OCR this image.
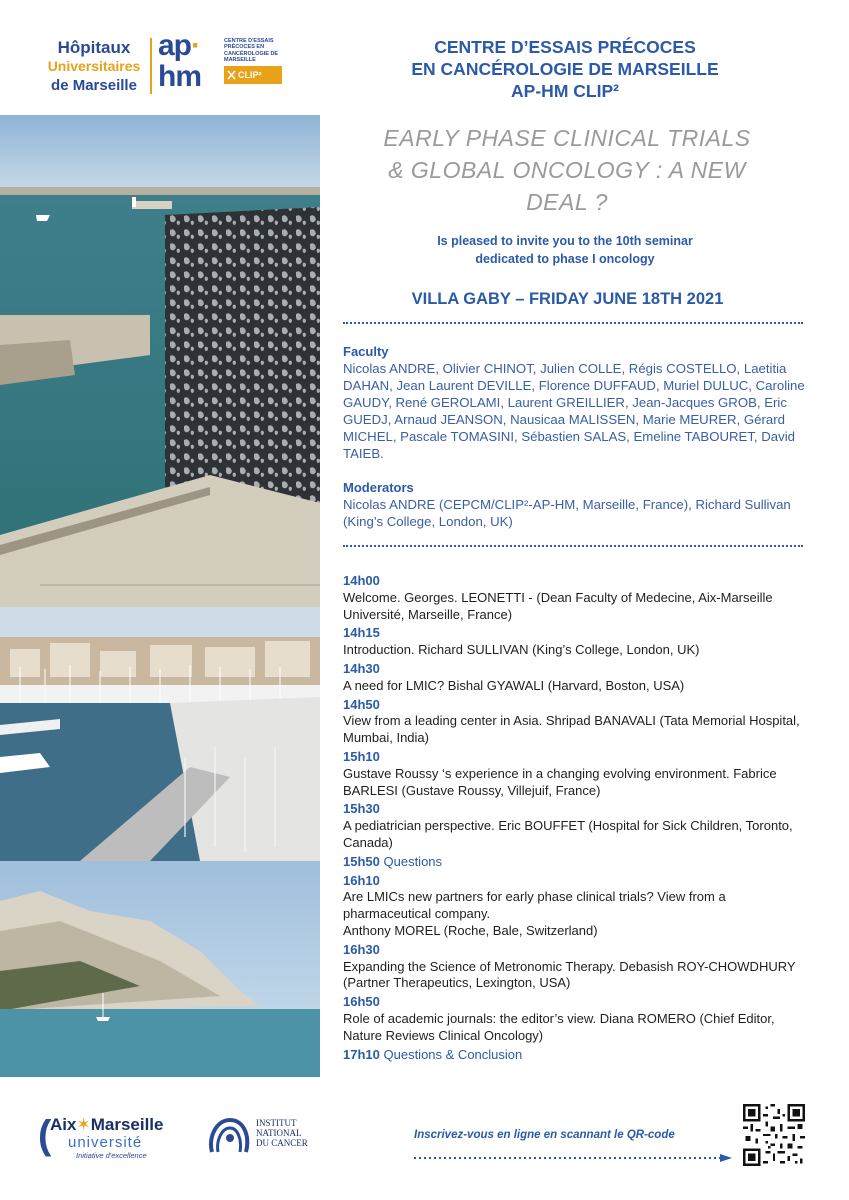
Hôpitaux
Universitaires
de Marseille
ap·
hm
CENTRE D'ESSAIS PRÉCOCES EN CANCÉROLOGIE DE MARSEILLE
CLIP²
CENTRE D’ESSAIS PRÉCOCES
EN CANCÉROLOGIE DE MARSEILLE
AP-HM CLIP²
EARLY PHASE CLINICAL TRIALS
& GLOBAL ONCOLOGY : A NEW
DEAL ?
Is pleased to invite you to the 10th seminar
dedicated to phase I oncology
VILLA GABY – FRIDAY JUNE 18TH 2021
Faculty
Nicolas ANDRE, Olivier CHINOT, Julien COLLE, Régis COSTELLO, Laetitia DAHAN, Jean Laurent DEVILLE, Florence DUFFAUD, Muriel DULUC, Caroline GAUDY, René GEROLAMI, Laurent GREILLIER, Jean-Jacques GROB, Eric GUEDJ, Arnaud JEANSON, Nausicaa MALISSEN, Marie MEURER, Gérard MICHEL, Pascale TOMASINI, Sébastien SALAS, Emeline TABOURET, David TAIEB.
Moderators
Nicolas ANDRE (CEPCM/CLIP²-AP-HM, Marseille, France), Richard Sullivan (King’s College, London, UK)
14h00
Welcome. Georges. LEONETTI - (Dean Faculty of Medecine, Aix-Marseille Université, Marseille, France)
14h15
Introduction. Richard SULLIVAN (King’s College, London, UK)
14h30
A need for LMIC? Bishal GYAWALI (Harvard, Boston, USA)
14h50
View from a leading center in Asia. Shripad BANAVALI (Tata Memorial Hospital, Mumbai, India)
15h10
Gustave Roussy ‘s experience in a changing evolving environment. Fabrice BARLESI (Gustave Roussy, Villejuif, France)
15h30
A pediatrician perspective. Eric BOUFFET (Hospital for Sick Children, Toronto, Canada)
15h50 Questions
16h10
Are LMICs new partners for early phase clinical trials? View from a pharmaceutical company.
Anthony MOREL (Roche, Bale, Switzerland)
16h30
Expanding the Science of Metronomic Therapy. Debasish ROY-CHOWDHURY (Partner Therapeutics, Lexington, USA)
16h50
Role of academic journals: the editor’s view. Diana ROMERO (Chief Editor, Nature Reviews Clinical Oncology)
17h10 Questions & Conclusion
(
Aix✶Marseille
université
Initiative d'excellence
INSTITUT
NATIONAL
DU CANCER
Inscrivez-vous en ligne en scannant le QR-code
